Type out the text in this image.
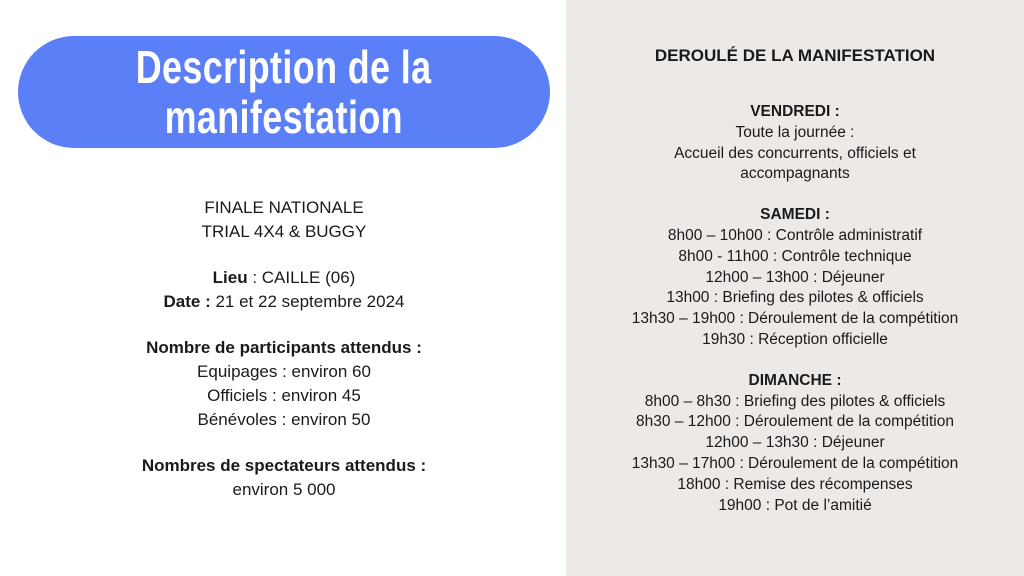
Description de la
manifestation
FINALE NATIONALE
TRIAL 4X4 & BUGGY
Lieu : CAILLE (06)
Date : 21 et 22 septembre 2024
Nombre de participants attendus :
Equipages : environ 60
Officiels : environ 45
Bénévoles : environ 50
Nombres de spectateurs attendus :
environ 5 000
DEROULÉ DE LA MANIFESTATION
VENDREDI :
Toute la journée :
Accueil des concurrents, officiels et
accompagnants
SAMEDI :
8h00 – 10h00 : Contrôle administratif
8h00 - 11h00 : Contrôle technique
12h00 – 13h00 : Déjeuner
13h00 : Briefing des pilotes & officiels
13h30 – 19h00 : Déroulement de la compétition
19h30 : Réception officielle
DIMANCHE :
8h00 – 8h30 : Briefing des pilotes & officiels
8h30 – 12h00 : Déroulement de la compétition
12h00 – 13h30 : Déjeuner
13h30 – 17h00 : Déroulement de la compétition
18h00 : Remise des récompenses
19h00 : Pot de l’amitié
